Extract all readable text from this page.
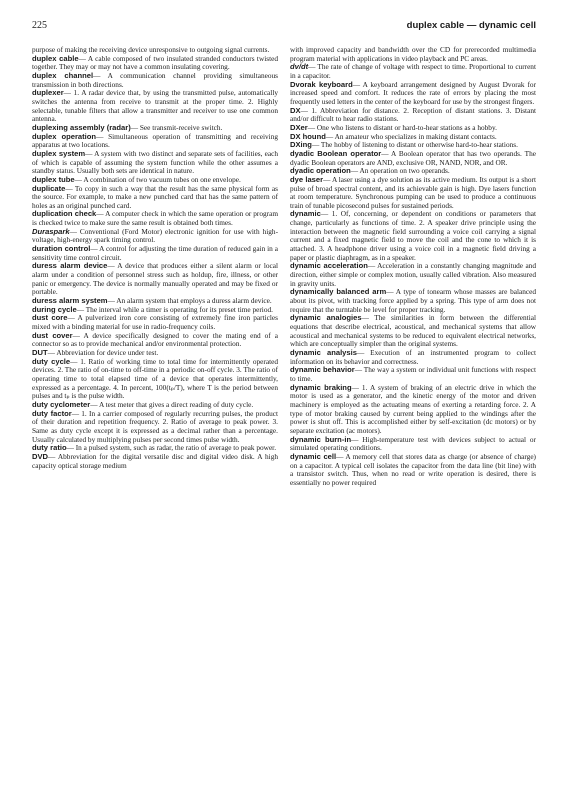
225	duplex cable — dynamic cell

purpose of making the receiving device unresponsive to outgoing signal currents.

duplex cable— A cable composed of two insulated stranded conductors twisted together. They may or may not have a common insulating covering.

duplex channel— A communication channel providing simultaneous transmission in both directions.

duplexer— 1. A radar device that, by using the transmitted pulse, automatically switches the antenna from receive to transmit at the proper time. 2. Highly selectable, tunable filters that allow a transmitter and receiver to use one common antenna.

duplexing assembly (radar)— See transmit-receive switch.

duplex operation— Simultaneous operation of transmitting and receiving apparatus at two locations.

duplex system— A system with two distinct and separate sets of facilities, each of which is capable of assuming the system function while the other assumes a standby status. Usually both sets are identical in nature.

duplex tube— A combination of two vacuum tubes on one envelope.

duplicate— To copy in such a way that the result has the same physical form as the source. For example, to make a new punched card that has the same pattern of holes as an original punched card.

duplication check— A computer check in which the same operation or program is checked twice to make sure the same result is obtained both times.

Duraspark— Conventional (Ford Motor) electronic ignition for use with high-voltage, high-energy spark timing control.

duration control— A control for adjusting the time duration of reduced gain in a sensitivity time control circuit.

duress alarm device— A device that produces either a silent alarm or local alarm under a condition of personnel stress such as holdup, fire, illness, or other panic or emergency. The device is normally manually operated and may be fixed or portable.

duress alarm system— An alarm system that employs a duress alarm device.

during cycle— The interval while a timer is operating for its preset time period.

dust core— A pulverized iron core consisting of extremely fine iron particles mixed with a binding material for use in radio-frequency coils.

dust cover— A device specifically designed to cover the mating end of a connector so as to provide mechanical and/or environmental protection.

DUT— Abbreviation for device under test.

duty cycle— 1. Ratio of working time to total time for intermittently operated devices. 2. The ratio of on-time to off-time in a periodic on-off cycle. 3. The ratio of operating time to total elapsed time of a device that operates intermittently, expressed as a percentage. 4. In percent, 100(tₚ/T), where T is the period between pulses and tₚ is the pulse width.

duty cyclometer— A test meter that gives a direct reading of duty cycle.

duty factor— 1. In a carrier composed of regularly recurring pulses, the product of their duration and repetition frequency. 2. Ratio of average to peak power. 3. Same as duty cycle except it is expressed as a decimal rather than a percentage. Usually calculated by multiplying pulses per second times pulse width.

duty ratio— In a pulsed system, such as radar, the ratio of average to peak power.

DVD— Abbreviation for the digital versatile disc and digital video disk. A high capacity optical storage medium

with improved capacity and bandwidth over the CD for prerecorded multimedia program material with applications in video playback and PC areas.

dv/dt— The rate of change of voltage with respect to time. Proportional to current in a capacitor.

Dvorak keyboard— A keyboard arrangement designed by August Dvorak for increased speed and comfort. It reduces the rate of errors by placing the most frequently used letters in the center of the keyboard for use by the strongest fingers.

DX— 1. Abbreviation for distance. 2. Reception of distant stations. 3. Distant and/or difficult to hear radio stations.

DXer— One who listens to distant or hard-to-hear stations as a hobby.

DX hound— An amateur who specializes in making distant contacts.

DXing— The hobby of listening to distant or otherwise hard-to-hear stations.

dyadic Boolean operator— A Boolean operator that has two operands. The dyadic Boolean operators are AND, exclusive OR, NAND, NOR, and OR.

dyadic operation— An operation on two operands.

dye laser— A laser using a dye solution as its active medium. Its output is a short pulse of broad spectral content, and its achievable gain is high. Dye lasers function at room temperature. Synchronous pumping can be used to produce a continuous train of tunable picosecond pulses for sustained periods.

dynamic— 1. Of, concerning, or dependent on conditions or parameters that change, particularly as functions of time. 2. A speaker drive principle using the interaction between the magnetic field surrounding a voice coil carrying a signal current and a fixed magnetic field to move the coil and the cone to which it is attached. 3. A headphone driver using a voice coil in a magnetic field driving a paper or plastic diaphragm, as in a speaker.

dynamic acceleration— Acceleration in a constantly changing magnitude and direction, either simple or complex motion, usually called vibration. Also measured in gravity units.

dynamically balanced arm— A type of tonearm whose masses are balanced about its pivot, with tracking force applied by a spring. This type of arm does not require that the turntable be level for proper tracking.

dynamic analogies— The similarities in form between the differential equations that describe electrical, acoustical, and mechanical systems that allow acoustical and mechanical systems to be reduced to equivalent electrical networks, which are conceptually simpler than the original systems.

dynamic analysis— Execution of an instrumented program to collect information on its behavior and correctness.

dynamic behavior— The way a system or individual unit functions with respect to time.

dynamic braking— 1. A system of braking of an electric drive in which the motor is used as a generator, and the kinetic energy of the motor and driven machinery is employed as the actuating means of exerting a retarding force. 2. A type of motor braking caused by current being applied to the windings after the power is shut off. This is accomplished either by self-excitation (dc motors) or by separate excitation (ac motors).

dynamic burn-in— High-temperature test with devices subject to actual or simulated operating conditions.

dynamic cell— A memory cell that stores data as charge (or absence of charge) on a capacitor. A typical cell isolates the capacitor from the data line (bit line) with a transistor switch. Thus, when no read or write operation is desired, there is essentially no power required
